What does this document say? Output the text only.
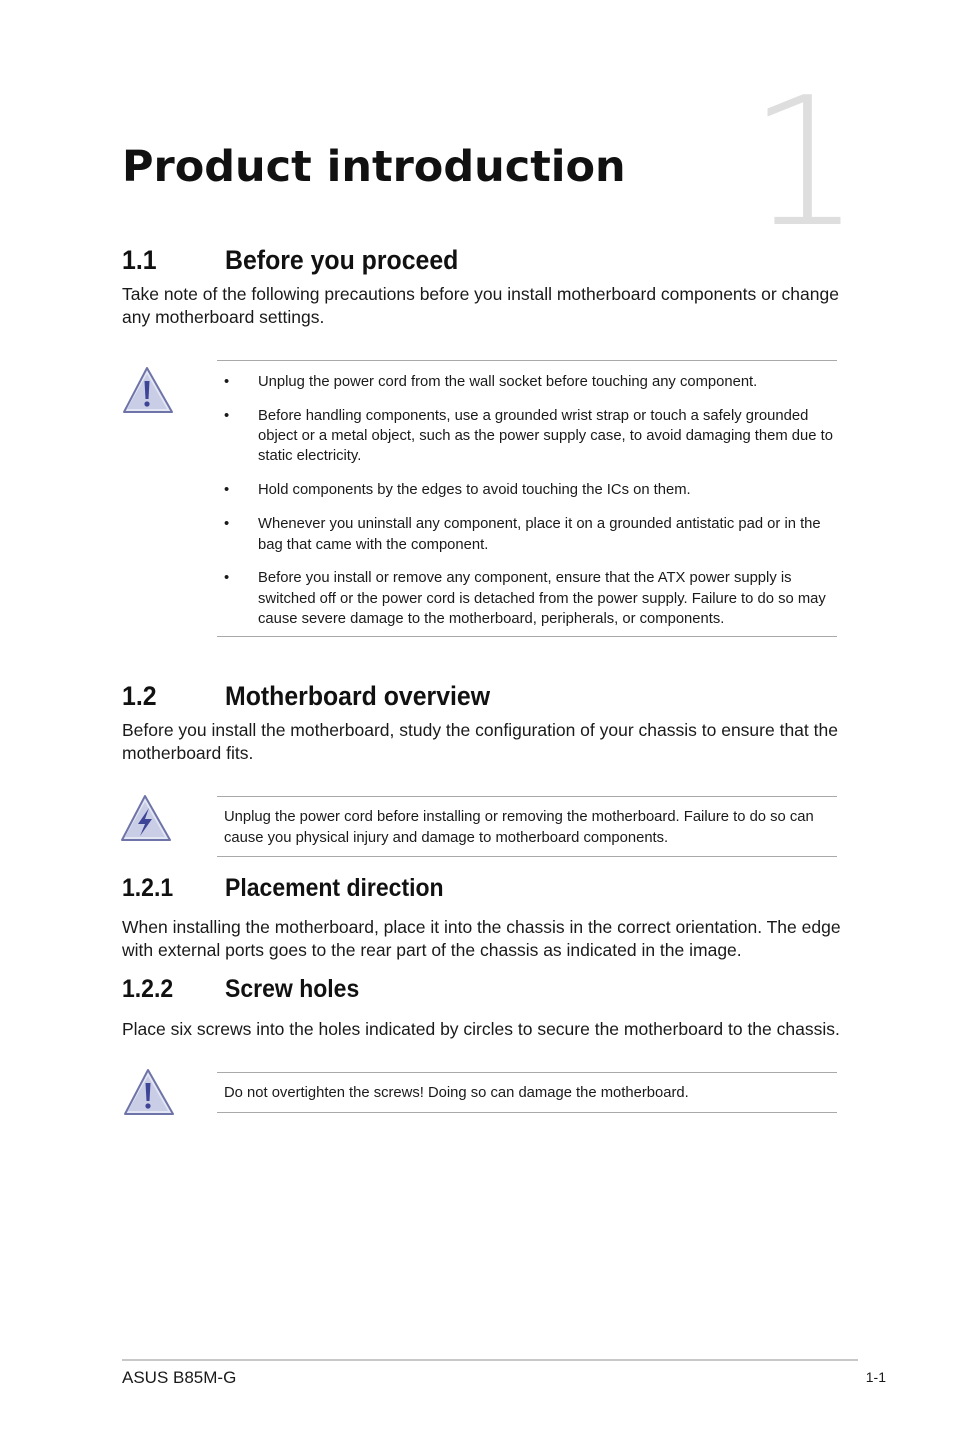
1
Product introduction
1.1	Before you proceed
Take note of the following precautions before you install motherboard components or change any motherboard settings.
• Unplug the power cord from the wall socket before touching any component.
• Before handling components, use a grounded wrist strap or touch a safely grounded object or a metal object, such as the power supply case, to avoid damaging them due to static electricity.
• Hold components by the edges to avoid touching the ICs on them.
• Whenever you uninstall any component, place it on a grounded antistatic pad or in the bag that came with the component.
• Before you install or remove any component, ensure that the ATX power supply is switched off or the power cord is detached from the power supply. Failure to do so may cause severe damage to the motherboard, peripherals, or components.
1.2	Motherboard overview
Before you install the motherboard, study the configuration of your chassis to ensure that the motherboard fits.
Unplug the power cord before installing or removing the motherboard. Failure to do so can cause you physical injury and damage to motherboard components.
1.2.1 Placement direction
When installing the motherboard, place it into the chassis in the correct orientation. The edge with external ports goes to the rear part of the chassis as indicated in the image.
1.2.2 Screw holes
Place six screws into the holes indicated by circles to secure the motherboard to the chassis.
Do not overtighten the screws! Doing so can damage the motherboard.
ASUS B85M-G	1-1
